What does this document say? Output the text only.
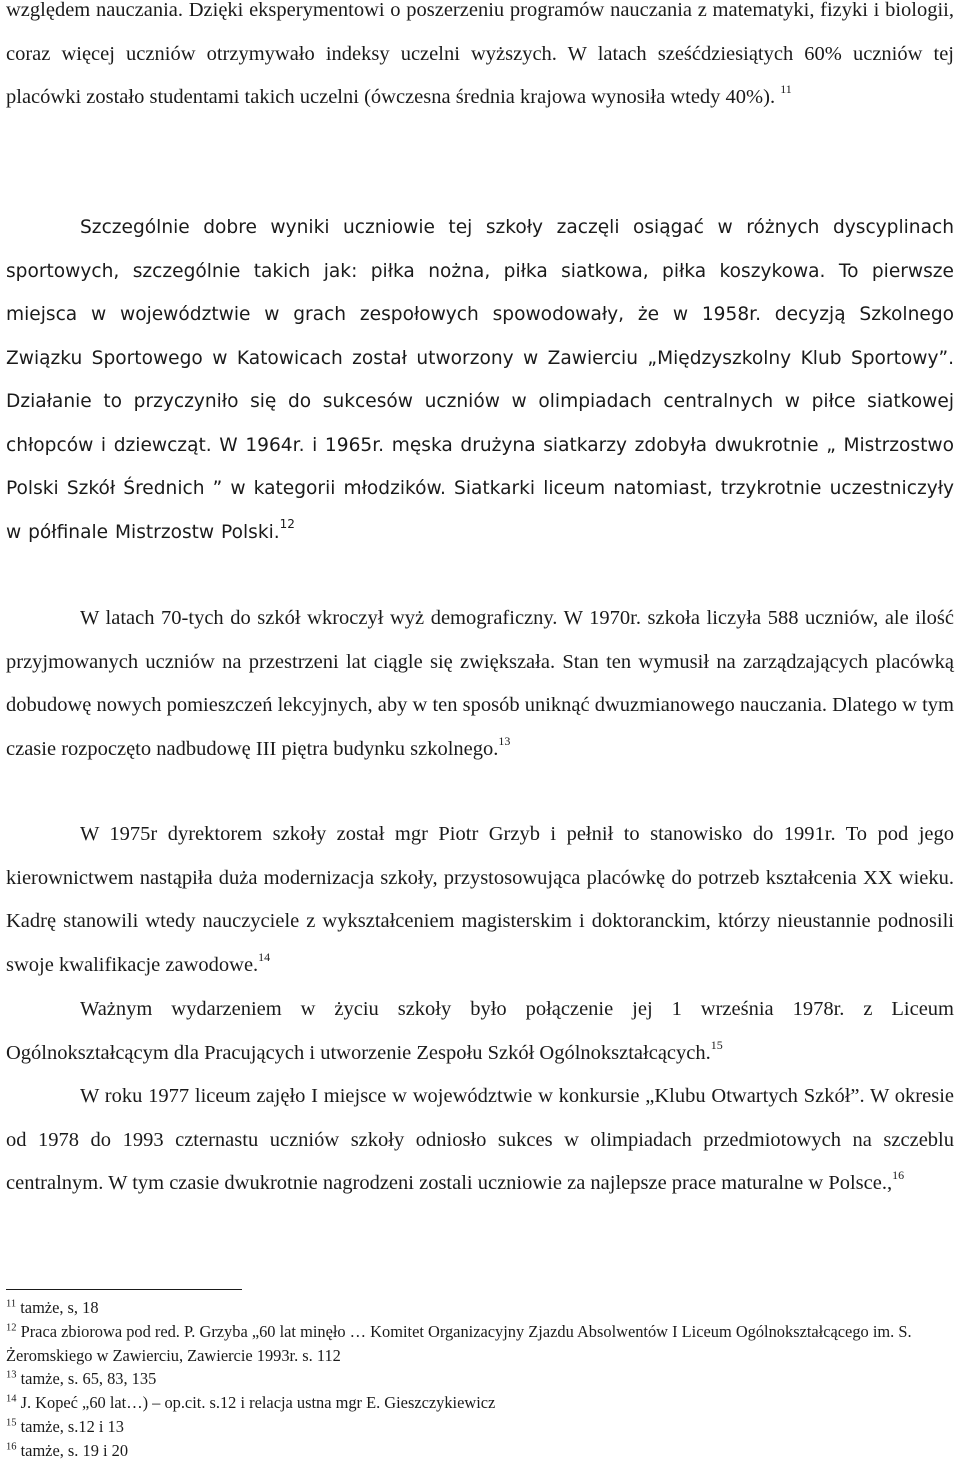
względem nauczania. Dzięki eksperymentowi o poszerzeniu programów nauczania z matematyki, fizyki i biologii, coraz więcej uczniów otrzymywało indeksy uczelni wyższych. W latach sześćdziesiątych 60% uczniów tej placówki zostało studentami takich uczelni (ówczesna średnia krajowa wynosiła wtedy 40%). $^{11}$

Szczególnie dobre wyniki uczniowie tej szkoły zaczęli osiągać w różnych dyscyplinach sportowych, szczególnie takich jak: piłka nożna, piłka siatkowa, piłka koszykowa. To pierwsze miejsca w województwie w grach zespołowych spowodowały, że w 1958r. decyzją Szkolnego Związku Sportowego w Katowicach został utworzony w Zawierciu „Międzyszkolny Klub Sportowy”. Działanie to przyczyniło się do sukcesów uczniów w olimpiadach centralnych w piłce siatkowej chłopców i dziewcząt. W 1964r. i 1965r. męska drużyna siatkarzy zdobyła dwukrotnie „ Mistrzostwo Polski Szkół Średnich ” w kategorii młodzików. Siatkarki liceum natomiast, trzykrotnie uczestniczyły w półfinale Mistrzostw Polski.$^{12}$

W latach 70-tych do szkół wkroczył wyż demograficzny. W 1970r. szkoła liczyła 588 uczniów, ale ilość przyjmowanych uczniów na przestrzeni lat ciągle się zwiększała. Stan ten wymusił na zarządzających placówką dobudowę nowych pomieszczeń lekcyjnych, aby w ten sposób uniknąć dwuzmianowego nauczania. Dlatego w tym czasie rozpoczęto nadbudowę III piętra budynku szkolnego.$^{13}$

W 1975r dyrektorem szkoły został mgr Piotr Grzyb i pełnił to stanowisko do 1991r. To pod jego kierownictwem nastąpiła duża modernizacja szkoły, przystosowująca placówkę do potrzeb kształcenia XX wieku. Kadrę stanowili wtedy nauczyciele z wykształceniem magisterskim i doktoranckim, którzy nieustannie podnosili swoje kwalifikacje zawodowe.$^{14}$

Ważnym wydarzeniem w życiu szkoły było połączenie jej 1 września 1978r. z Liceum Ogólnokształcącym dla Pracujących i utworzenie Zespołu Szkół Ogólnokształcących.$^{15}$

W roku 1977 liceum zajęło I miejsce w województwie w konkursie „Klubu Otwartych Szkół”. W okresie od 1978 do 1993 czternastu uczniów szkoły odniosło sukces w olimpiadach przedmiotowych na szczeblu centralnym. W tym czasie dwukrotnie nagrodzeni zostali uczniowie za najlepsze prace maturalne w Polsce.,$^{16}$

$^{11}$ tamże, s, 18

$^{12}$ Praca zbiorowa pod red. P. Grzyba „60 lat minęło … Komitet Organizacyjny Zjazdu Absolwentów I Liceum Ogólnokształcącego im. S. Żeromskiego w Zawierciu, Zawiercie 1993r. s. 112

$^{13}$ tamże, s. 65, 83, 135

$^{14}$ J. Kopeć „60 lat…) – op.cit. s.12 i relacja ustna mgr E. Gieszczykiewicz

$^{15}$ tamże, s.12 i 13

$^{16}$ tamże, s. 19 i 20
